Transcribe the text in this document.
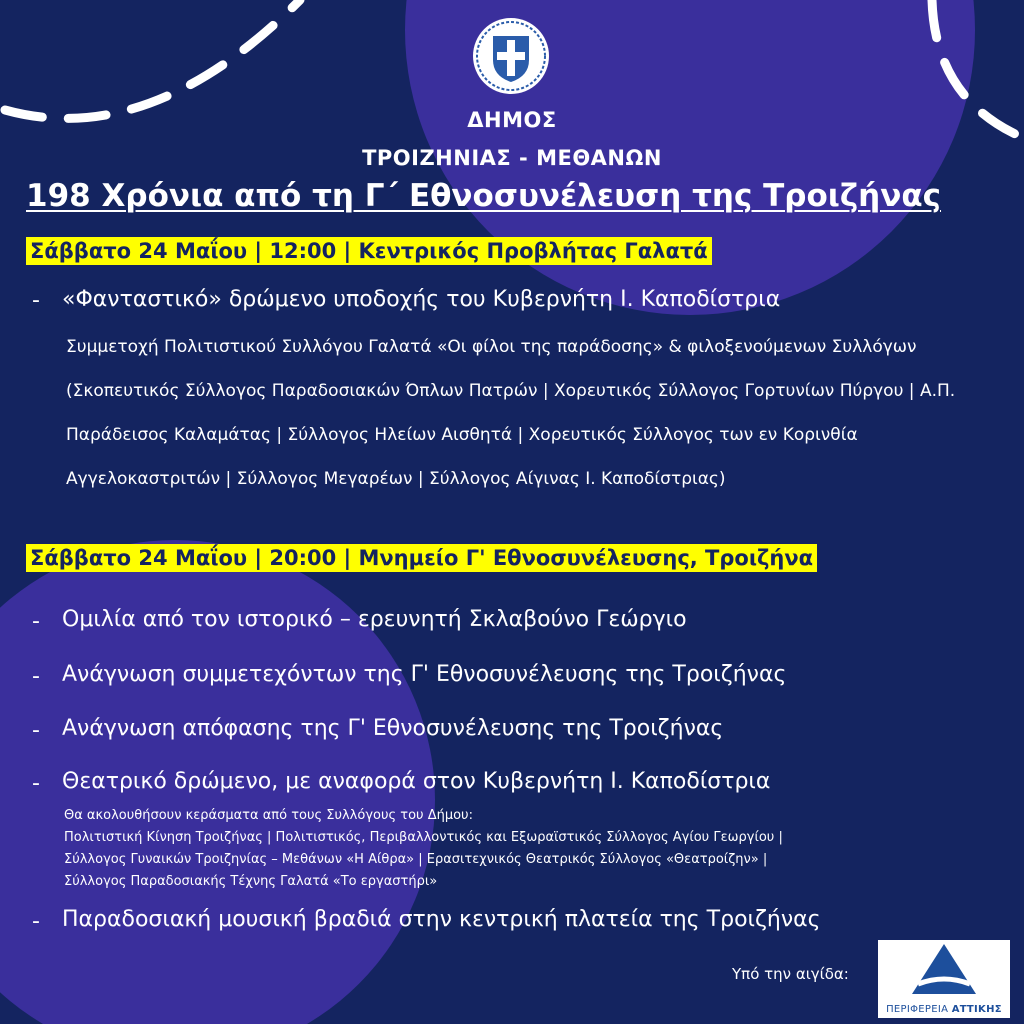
ΔΗΜΟΣ
ΤΡΟΙΖΗΝΙΑΣ - ΜΕΘΑΝΩΝ
198 Χρόνια από τη Γ΄ Εθνοσυνέλευση της Τροιζήνας
Σάββατο 24 Μαΐου | 12:00 | Κεντρικός Προβλήτας Γαλατά
- «Φανταστικό» δρώμενο υποδοχής του Κυβερνήτη Ι. Καποδίστρια
Συμμετοχή Πολιτιστικού Συλλόγου Γαλατά «Οι φίλοι της παράδοσης» & φιλοξενούμενων Συλλόγων (Σκοπευτικός Σύλλογος Παραδοσιακών Όπλων Πατρών | Χορευτικός Σύλλογος Γορτυνίων Πύργου | Α.Π. Παράδεισος Καλαμάτας | Σύλλογος Ηλείων Αισθητά | Χορευτικός Σύλλογος των εν Κορινθία Αγγελοκαστριτών | Σύλλογος Μεγαρέων | Σύλλογος Αίγινας Ι. Καποδίστριας)
Σάββατο 24 Μαΐου | 20:00 | Μνημείο Γ' Εθνοσυνέλευσης, Τροιζήνα
- Ομιλία από τον ιστορικό – ερευνητή Σκλαβούνο Γεώργιο
- Ανάγνωση συμμετεχόντων της Γ' Εθνοσυνέλευσης της Τροιζήνας
- Ανάγνωση απόφασης της Γ' Εθνοσυνέλευσης της Τροιζήνας
- Θεατρικό δρώμενο, με αναφορά στον Κυβερνήτη Ι. Καποδίστρια
Θα ακολουθήσουν κεράσματα από τους Συλλόγους του Δήμου:
Πολιτιστική Κίνηση Τροιζήνας | Πολιτιστικός, Περιβαλλοντικός και Εξωραϊστικός Σύλλογος Αγίου Γεωργίου |
Σύλλογος Γυναικών Τροιζηνίας – Μεθάνων «Η Αίθρα» | Ερασιτεχνικός Θεατρικός Σύλλογος «Θεατροίζην» |
Σύλλογος Παραδοσιακής Τέχνης Γαλατά «Το εργαστήρι»
- Παραδοσιακή μουσική βραδιά στην κεντρική πλατεία της Τροιζήνας
Υπό την αιγίδα:
ΠΕΡΙΦΕΡΕΙΑ ΑΤΤΙΚΗΣ
